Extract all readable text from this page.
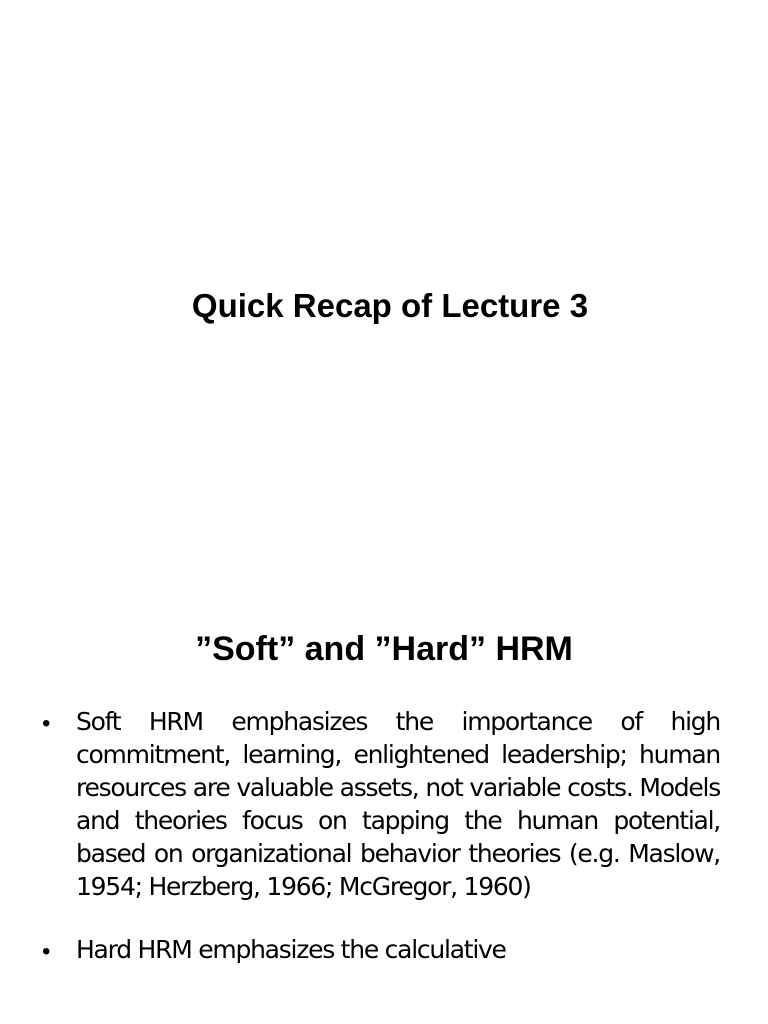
Quick Recap of Lecture 3
”Soft” and ”Hard” HRM
• Soft HRM emphasizes the importance of high commitment, learning, enlightened leadership; human resources are valuable assets, not variable costs. Models and theories focus on tapping the human potential, based on organizational behavior theories (e.g. Maslow, 1954; Herzberg, 1966; McGregor, 1960)
• Hard HRM emphasizes the calculative
